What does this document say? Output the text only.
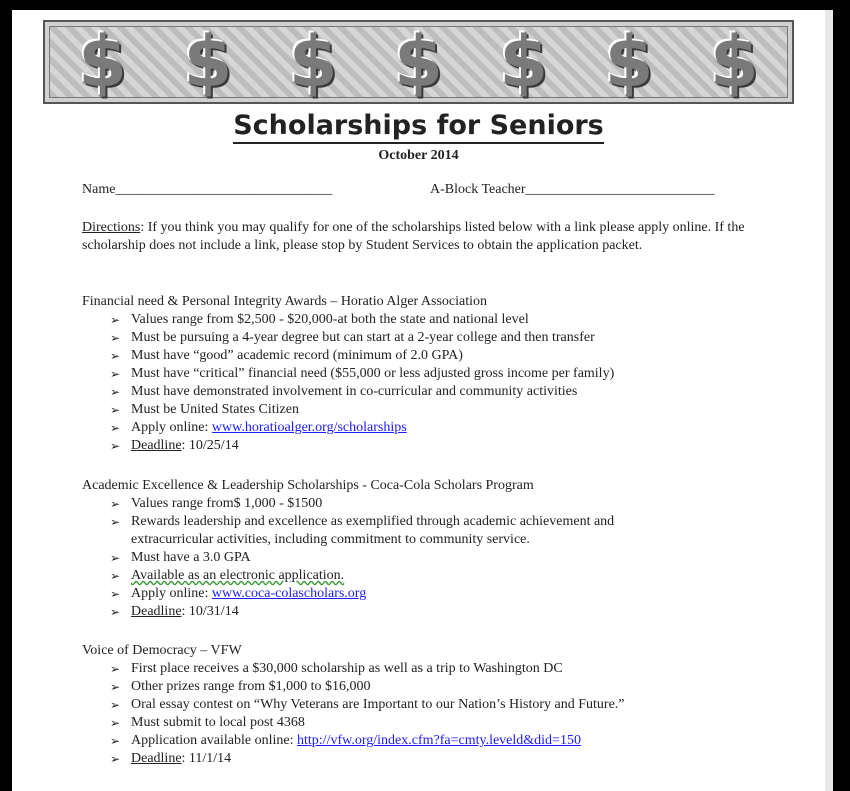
$ $ $ $ $ $ $
Scholarships for Seniors
October 2014
Name_______________________________	A-Block Teacher___________________________
Directions: If you think you may qualify for one of the scholarships listed below with a link please apply online. If the scholarship does not include a link, please stop by Student Services to obtain the application packet.
Financial need & Personal Integrity Awards – Horatio Alger Association
➢ Values range from $2,500 - $20,000-at both the state and national level
➢ Must be pursuing a 4-year degree but can start at a 2-year college and then transfer
➢ Must have “good” academic record (minimum of 2.0 GPA)
➢ Must have “critical” financial need ($55,000 or less adjusted gross income per family)
➢ Must have demonstrated involvement in co-curricular and community activities
➢ Must be United States Citizen
➢ Apply online: www.horatioalger.org/scholarships
➢ Deadline: 10/25/14
Academic Excellence & Leadership Scholarships - Coca-Cola Scholars Program
➢ Values range from$ 1,000 - $1500
➢ Rewards leadership and excellence as exemplified through academic achievement and extracurricular activities, including commitment to community service.
➢ Must have a 3.0 GPA
➢ Available as an electronic application.
➢ Apply online: www.coca-colascholars.org
➢ Deadline: 10/31/14
Voice of Democracy – VFW
➢ First place receives a $30,000 scholarship as well as a trip to Washington DC
➢ Other prizes range from $1,000 to $16,000
➢ Oral essay contest on “Why Veterans are Important to our Nation’s History and Future.”
➢ Must submit to local post 4368
➢ Application available online: http://vfw.org/index.cfm?fa=cmty.leveld&did=150
➢ Deadline: 11/1/14
